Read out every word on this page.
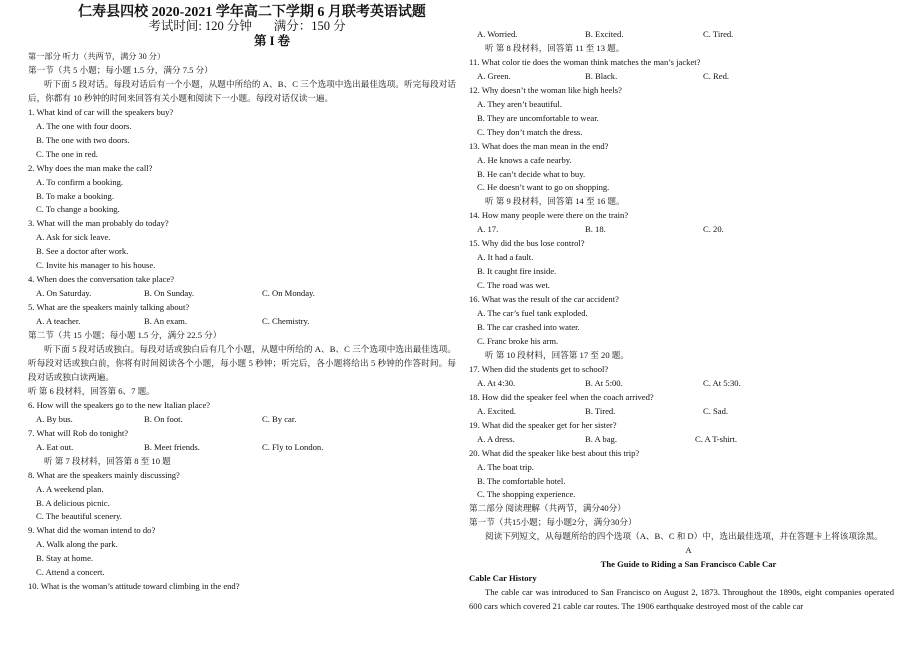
仁寿县四校 2020-2021 学年高二下学期 6 月联考英语试题
考试时间: 120 分钟 满分：150 分
第 I 卷
第一部分 听力（共两节，满分 30 分）
第一节（共 5 小题；每小题 1.5 分，满分 7.5 分）
听下面 5 段对话。每段对话后有一个小题，从题中所给的 A、B、C 三个选项中选出最佳选项。听完每段对话后，你都有 10 秒钟的时间来回答有关小题和阅读下一小题。每段对话仅读一遍。
1. What kind of car will the speakers buy?
A. The one with four doors.
B. The one with two doors.
C. The one in red.
2. Why does the man make the call?
A. To confirm a booking.
B. To make a booking.
C. To change a booking.
3. What will the man probably do today?
A. Ask for sick leave.
B. See a doctor after work.
C. Invite his manager to his house.
4. When does the conversation take place?
A. On Saturday.	B. On Sunday.	C. On Monday.
5. What are the speakers mainly talking about?
A. A teacher.	B. An exam.	C. Chemistry.
第二节（共 15 小题；每小题 1.5 分，满分 22.5 分）
听下面 5 段对话或独白。每段对话或独白后有几个小题，从题中所给的 A、B、C 三个选项中选出最佳选项。听每段对话或独白前，你将有时间阅读各个小题，每小题 5 秒钟；听完后，各小题将给出 5 秒钟的作答时间。每段对话或独白读两遍。
听 第 6 段材料，回答第 6、7 题。
6. How will the speakers go to the new Italian place?
A. By bus.	B. On foot.	C. By car.
7. What will Rob do tonight?
A. Eat out.	B. Meet friends.	C. Fly to London.
听 第 7 段材料，回答第 8 至 10 题
8. What are the speakers mainly discussing?
A. A weekend plan.
B. A delicious picnic.
C. The beautiful scenery.
9. What did the woman intend to do?
A. Walk along the park.
B. Stay at home.
C. Attend a concert.
10. What is the woman’s attitude toward climbing in the end?
A. Worried.	B. Excited.	C. Tired.
听 第 8 段材料，回答第 11 至 13 题。
11. What color tie does the woman think matches the man’s jacket?
A. Green.	B. Black.	C. Red.
12. Why doesn’t the woman like high heels?
A. They aren’t beautiful.
B. They are uncomfortable to wear.
C. They don’t match the dress.
13. What does the man mean in the end?
A. He knows a cafe nearby.
B. He can’t decide what to buy.
C. He doesn’t want to go on shopping.
听 第 9 段材料，回答第 14 至 16 题。
14. How many people were there on the train?
A. 17.	B. 18.	C. 20.
15. Why did the bus lose control?
A. It had a fault.
B. It caught fire inside.
C. The road was wet.
16. What was the result of the car accident?
A. The car’s fuel tank exploded.
B. The car crashed into water.
C. Franc broke his arm.
听 第 10 段材料，回答第 17 至 20 题。
17. When did the students get to school?
A. At 4:30.	B. At 5:00.	C. At 5:30.
18. How did the speaker feel when the coach arrived?
A. Excited.	B. Tired.	C. Sad.
19. What did the speaker get for her sister?
A. A dress.	B. A bag.	C. A T-shirt.
20. What did the speaker like best about this trip?
A. The boat trip.
B. The comfortable hotel.
C. The shopping experience.
第二部分 阅读理解（共两节，满分40分）
第一节（共15小题；每小题2分，满分30分）
阅读下列短文，从每题所给的四个选项（A、B、C 和 D）中，选出最佳选项，并在答题卡上将该项涂黑。
A
The Guide to Riding a San Francisco Cable Car
Cable Car History
The cable car was introduced to San Francisco on August 2, 1873. Throughout the 1890s, eight companies operated 600 cars which covered 21 cable car routes. The 1906 earthquake destroyed most of the cable car
